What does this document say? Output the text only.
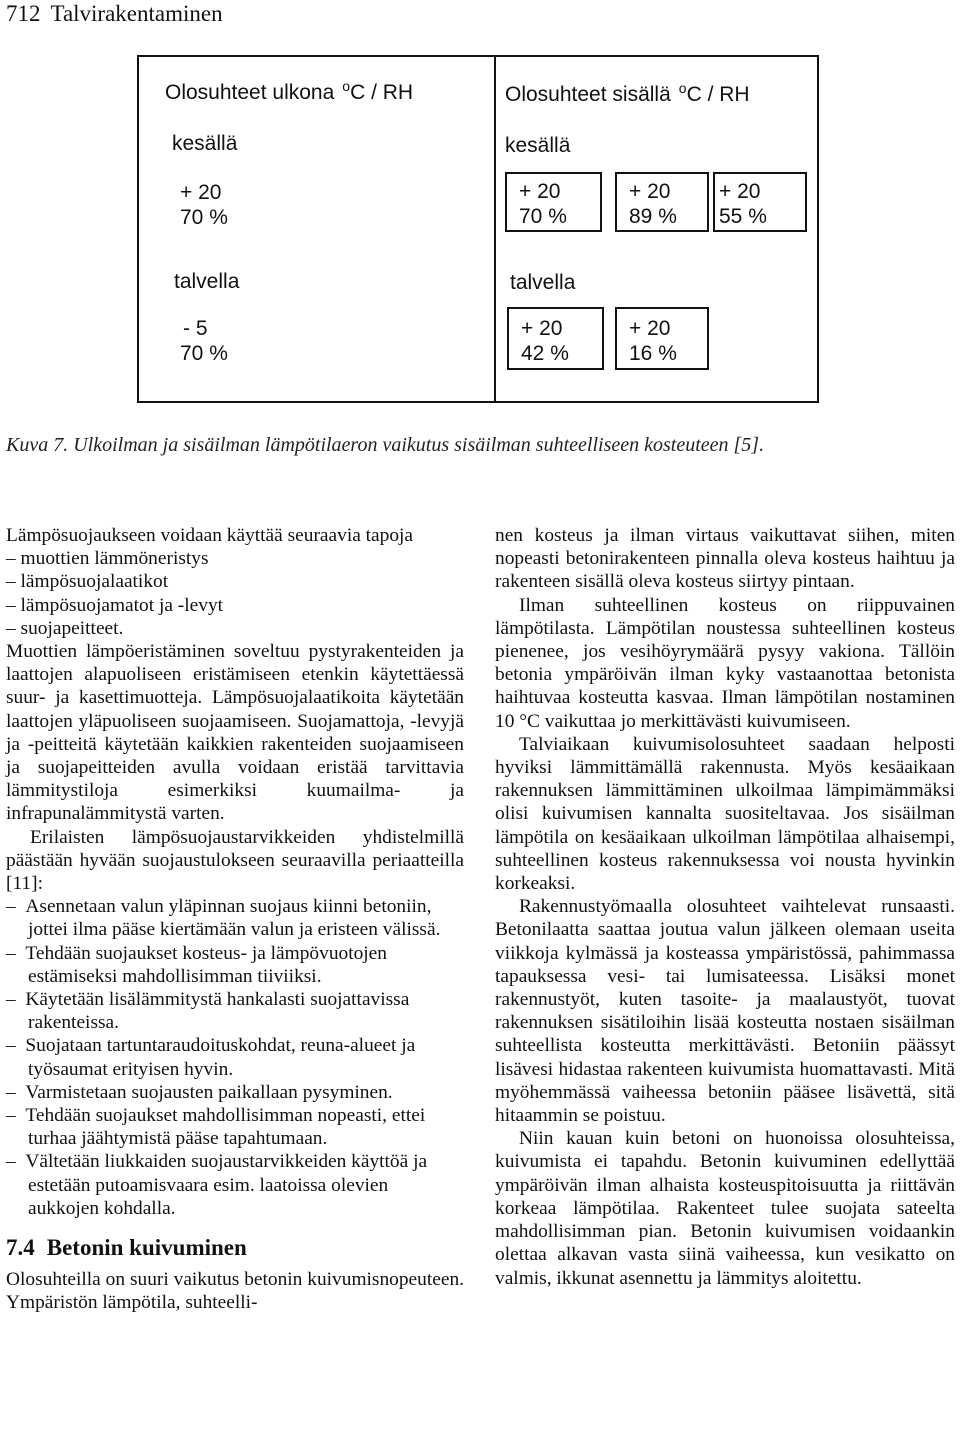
712 Talvirakentaminen
Olosuhteet ulkona $^o$C / RH
kesällä
+ 20
70 %
talvella
- 5
70 %
Olosuhteet sisällä $^o$C / RH
kesällä
+ 20
70 %
+ 20
89 %
+ 20
55 %
talvella
+ 20
42 %
+ 20
16 %
Kuva 7. Ulkoilman ja sisäilman lämpötilaeron vaikutus sisäilman suhteelliseen kosteuteen [5].

Lämpösuojaukseen voidaan käyttää seuraavia tapoja

– muottien lämmöneristys

– lämpösuojalaatikot

– lämpösuojamatot ja -levyt

– suojapeitteet.

Muottien lämpöeristäminen soveltuu pystyrakenteiden ja laattojen alapuoliseen eristämiseen etenkin käytettäessä suur- ja kasettimuotteja. Lämpösuojalaatikoita käytetään laattojen yläpuoliseen suojaamiseen. Suojamattoja, -levyjä ja -peitteitä käytetään kaikkien rakenteiden suojaamiseen ja suojapeitteiden avulla voidaan eristää tarvittavia lämmitystiloja esimerkiksi kuumailma- ja infrapunalämmitystä varten.

Erilaisten lämpösuojaustarvikkeiden yhdistelmillä päästään hyvään suojaustulokseen seuraavilla periaatteilla [11]:

–  Asennetaan valun yläpinnan suojaus kiinni betoniin, jottei ilma pääse kiertämään valun ja eristeen välissä.

–  Tehdään suojaukset kosteus- ja lämpövuotojen estämiseksi mahdollisimman tiiviiksi.

–  Käytetään lisälämmitystä hankalasti suojattavissa rakenteissa.

–  Suojataan tartuntaraudoituskohdat, reuna-alueet ja työsaumat erityisen hyvin.

–  Varmistetaan suojausten paikallaan pysyminen.

–  Tehdään suojaukset mahdollisimman nopeasti, ettei turhaa jäähtymistä pääse tapahtumaan.

–  Vältetään liukkaiden suojaustarvikkeiden käyttöä ja estetään putoamisvaara esim. laatoissa olevien aukkojen kohdalla.

7.4 Betonin kuivuminen

Olosuhteilla on suuri vaikutus betonin kuivumisnopeuteen. Ympäristön lämpötila, suhteelli-

nen kosteus ja ilman virtaus vaikuttavat siihen, miten nopeasti betonirakenteen pinnalla oleva kosteus haihtuu ja rakenteen sisällä oleva kosteus siirtyy pintaan.

Ilman suhteellinen kosteus on riippuvainen lämpötilasta. Lämpötilan noustessa suhteellinen kosteus pienenee, jos vesihöyrymäärä pysyy vakiona. Tällöin betonia ympäröivän ilman kyky vastaanottaa betonista haihtuvaa kosteutta kasvaa. Ilman lämpötilan nostaminen 10 °C vaikuttaa jo merkittävästi kuivumiseen.

Talviaikaan kuivumisolosuhteet saadaan helposti hyviksi lämmittämällä rakennusta. Myös kesäaikaan rakennuksen lämmittäminen ulkoilmaa lämpimämmäksi olisi kuivumisen kannalta suositeltavaa. Jos sisäilman lämpötila on kesäaikaan ulkoilman lämpötilaa alhaisempi, suhteellinen kosteus rakennuksessa voi nousta hyvinkin korkeaksi.

Rakennustyömaalla olosuhteet vaihtelevat runsaasti. Betonilaatta saattaa joutua valun jälkeen olemaan useita viikkoja kylmässä ja kosteassa ympäristössä, pahimmassa tapauksessa vesi- tai lumisateessa. Lisäksi monet rakennustyöt, kuten tasoite- ja maalaustyöt, tuovat rakennuksen sisätiloihin lisää kosteutta nostaen sisäilman suhteellista kosteutta merkittävästi. Betoniin päässyt lisävesi hidastaa rakenteen kuivumista huomattavasti. Mitä myöhemmässä vaiheessa betoniin pääsee lisävettä, sitä hitaammin se poistuu.

Niin kauan kuin betoni on huonoissa olosuhteissa, kuivumista ei tapahdu. Betonin kuivuminen edellyttää ympäröivän ilman alhaista kosteuspitoisuutta ja riittävän korkeaa lämpötilaa. Rakenteet tulee suojata sateelta mahdollisimman pian. Betonin kuivumisen voidaankin olettaa alkavan vasta siinä vaiheessa, kun vesikatto on valmis, ikkunat asennettu ja lämmitys aloitettu.
